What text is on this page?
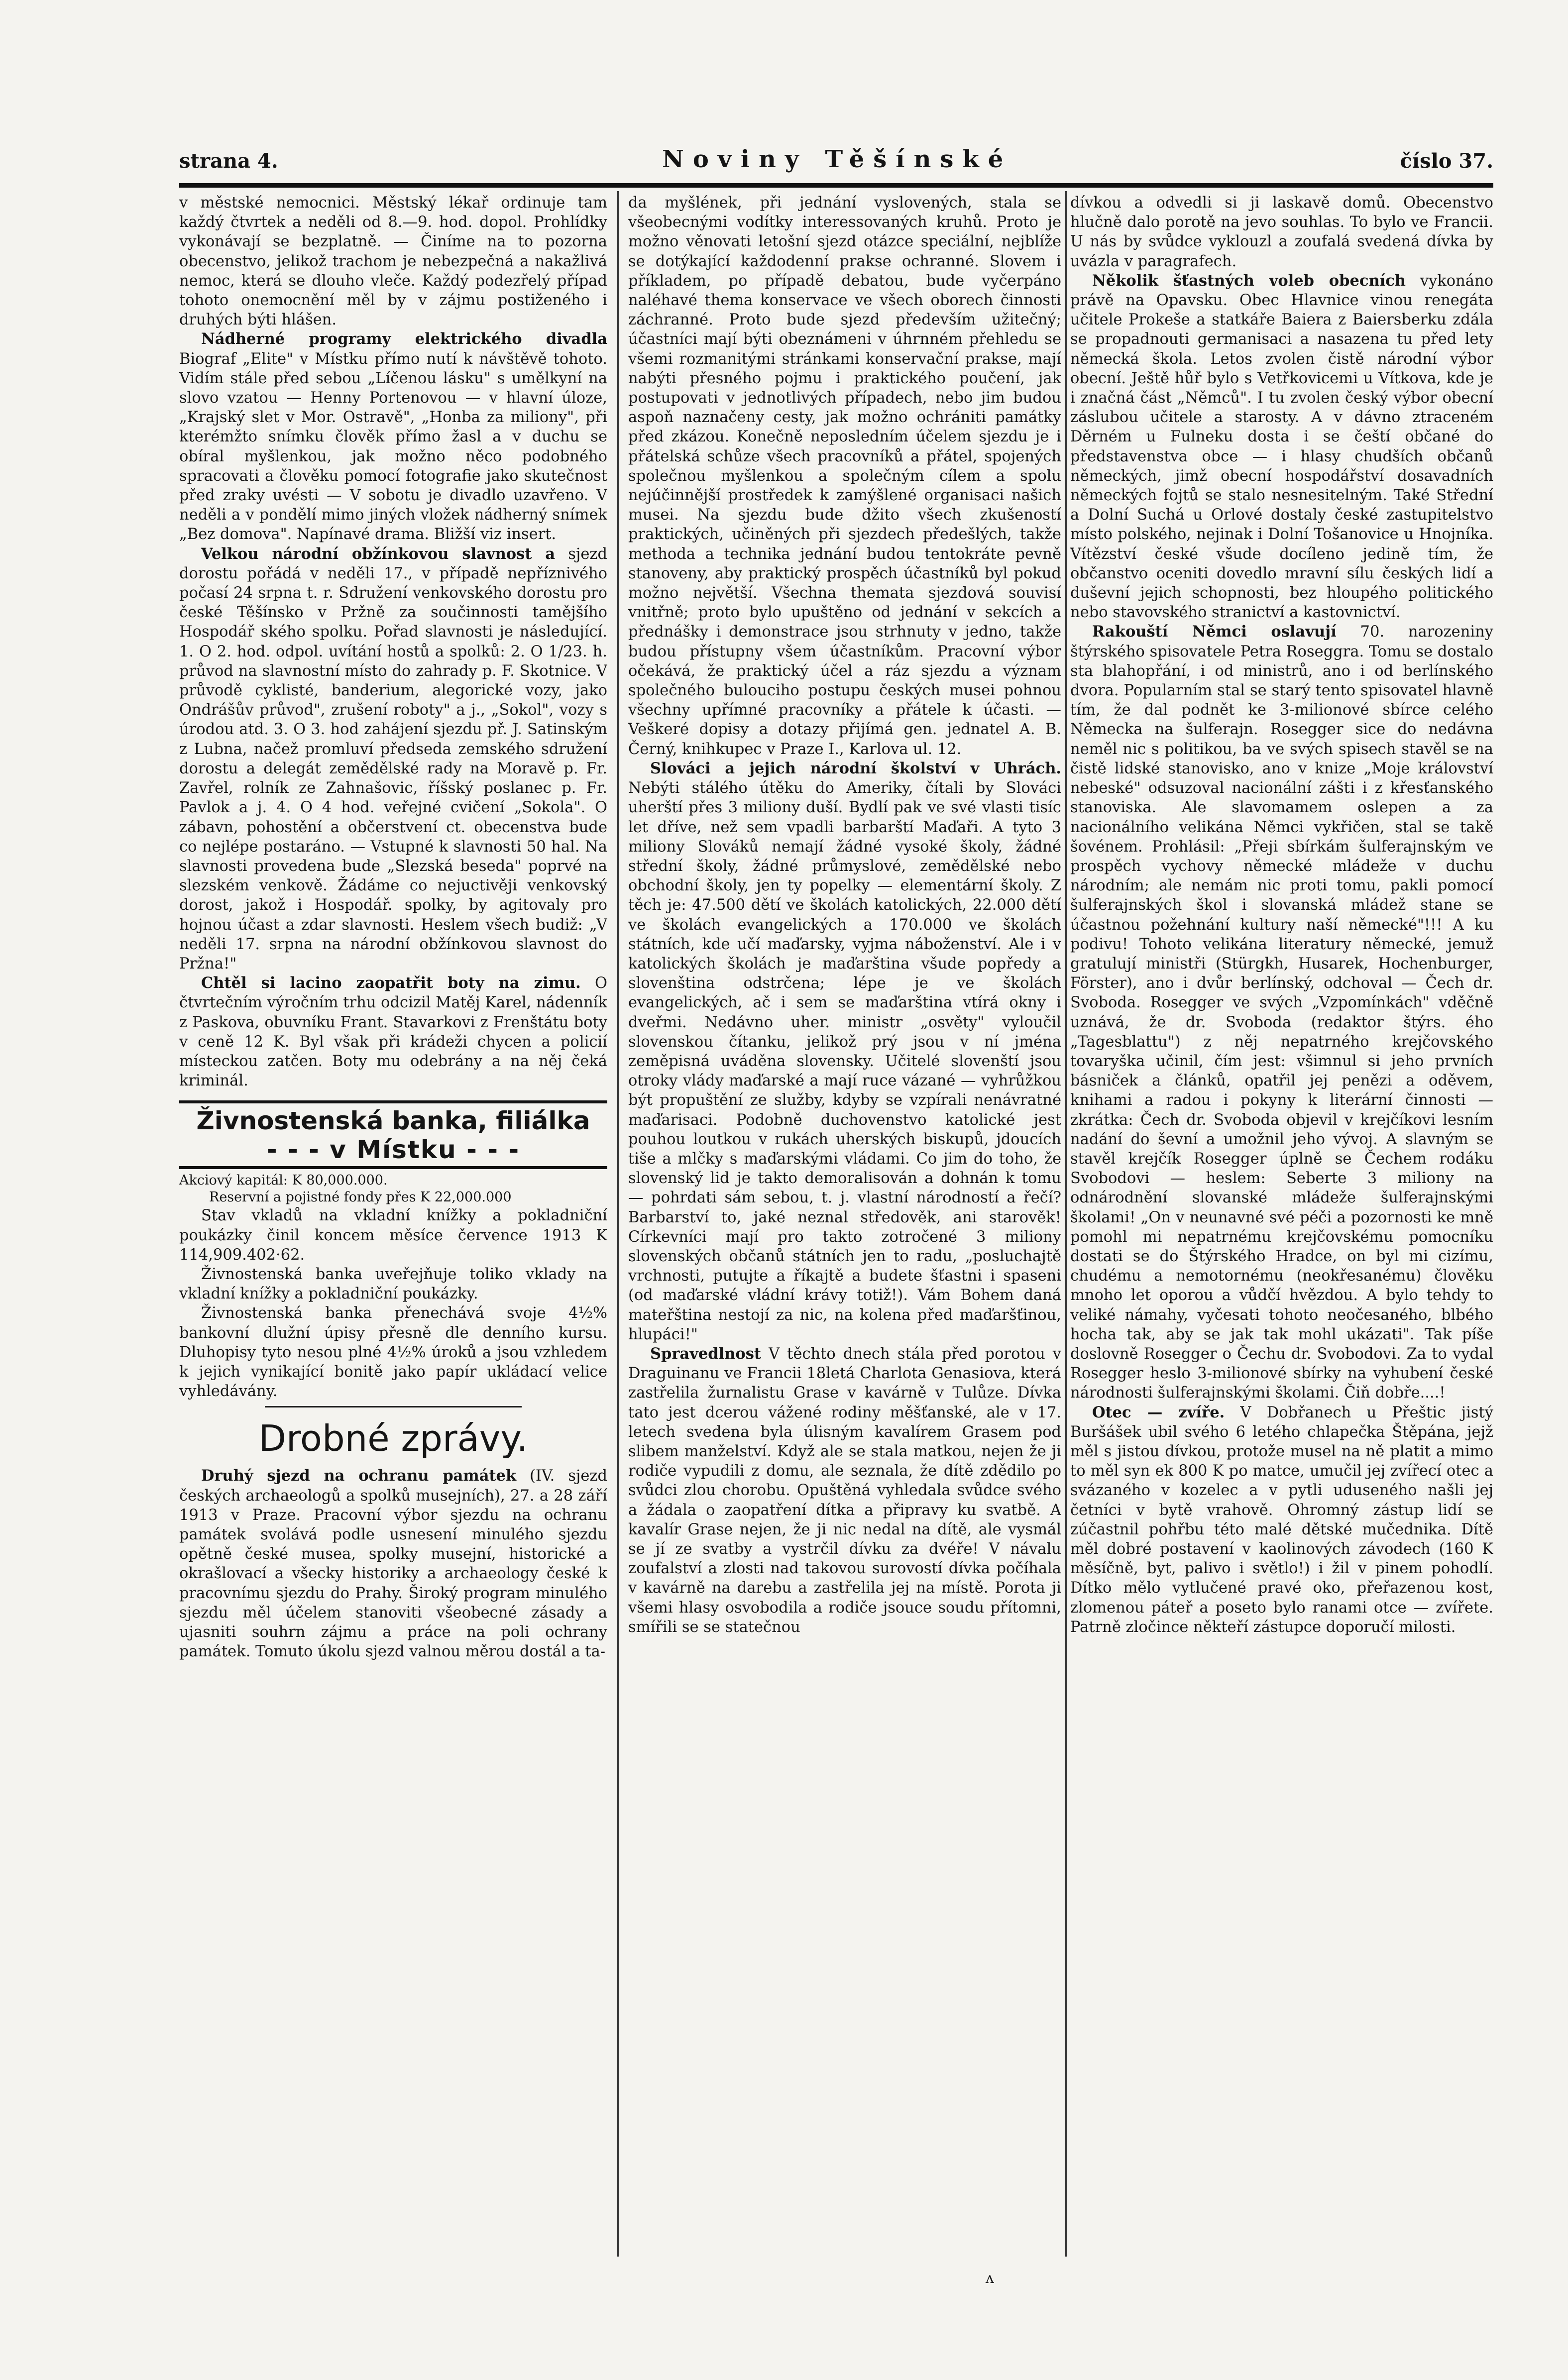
strana 4.	Noviny Těšínské	číslo 37.

v městské nemocnici. Městský lékař ordinuje tam každý čtvrtek a neděli od 8.—9. hod. dopol. Prohlídky vykonávají se bezplatně. — Činíme na to pozorna obecenstvo, jelikož trachom je nebezpečná a nakažlivá nemoc, která se dlouho vleče. Každý podezřelý případ tohoto onemocnění měl by v zájmu postiženého i druhých býti hlášen.

Nádherné programy elektrického divadla Biograf „Elite" v Místku přímo nutí k návštěvě tohoto. Vidím stále před sebou „Líčenou lásku" s umělkyní na slovo vzatou — Henny Portenovou — v hlavní úloze, „Krajský slet v Mor. Ostravě", „Honba za miliony", při kterémžto snímku člověk přímo žasl a v duchu se obíral myšlenkou, jak možno něco podobného spracovati a člověku pomocí fotografie jako skutečnost před zraky uvésti — V sobotu je divadlo uzavřeno. V neděli a v pondělí mimo jiných vložek nádherný snímek „Bez domova". Napínavé drama. Bližší viz insert.

Velkou národní obžínkovou slavnost a sjezd dorostu pořádá v neděli 17., v případě nepříznivého počasí 24 srpna t. r. Sdružení venkovského dorostu pro české Těšínsko v Pržně za součinnosti tamějšího Hospodář ského spolku. Pořad slavnosti je následující. 1. O 2. hod. odpol. uvítání hostů a spolků: 2. O 1/23. h. průvod na slavnostní místo do zahrady p. F. Skotnice. V průvodě cyklisté, banderium, alegorické vozy, jako Ondrášův průvod", zrušení roboty" a j., „Sokol", vozy s úrodou atd. 3. O 3. hod zahájení sjezdu př. J. Satinským z Lubna, načež promluví předseda zemského sdružení dorostu a delegát zemědělské rady na Moravě p. Fr. Zavřel, rolník ze Zahnašovic, říšský poslanec p. Fr. Pavlok a j. 4. O 4 hod. veřejné cvičení „Sokola". O zábavn, pohostění a občerstvení ct. obecenstva bude co nejlépe postaráno. — Vstupné k slavnosti 50 hal. Na slavnosti provedena bude „Slezská beseda" poprvé na slezském venkově. Žádáme co nejuctivěji venkovský dorost, jakož i Hospodář. spolky, by agitovaly pro hojnou účast a zdar slavnosti. Heslem všech budiž: „V neděli 17. srpna na národní obžínkovou slavnost do Pržna!"

Chtěl si lacino zaopatřit boty na zimu. O čtvrtečním výročním trhu odcizil Matěj Karel, nádenník z Paskova, obuvníku Frant. Stavarkovi z Frenštátu boty v ceně 12 K. Byl však při krádeži chycen a policií místeckou zatčen. Boty mu odebrány a na něj čeká kriminál.

Živnostenská banka, filiálka
- - - v Místku - - -

Akciový kapitál: K 80,000.000.

Reservní a pojistné fondy přes K 22,000.000

Stav vkladů na vkladní knížky a pokladniční poukázky činil koncem měsíce července 1913 K 114,909.402·62.

Živnostenská banka uveřejňuje toliko vklady na vkladní knížky a pokladniční poukázky.

Živnostenská banka přenechává svoje 4½% bankovní dlužní úpisy přesně dle denního kursu. Dluhopisy tyto nesou plné 4½% úroků a jsou vzhledem k jejich vynikající bonitě jako papír ukládací velice vyhledávány.

Drobné zprávy.

Druhý sjezd na ochranu památek (IV. sjezd českých archaeologů a spolků musejních), 27. a 28 září 1913 v Praze. Pracovní výbor sjezdu na ochranu památek svolává podle usnesení minulého sjezdu opětně české musea, spolky musejní, historické a okrašlovací a všecky historiky a archaeology české k pracovnímu sjezdu do Prahy. Široký program minulého sjezdu měl účelem stanoviti všeobecné zásady a ujasniti souhrn zájmu a práce na poli ochrany památek. Tomuto úkolu sjezd valnou měrou dostál a ta-

da myšlének, při jednání vyslovených, stala se všeobecnými vodítky interessovaných kruhů. Proto je možno věnovati letošní sjezd otázce speciální, nejblíže se dotýkající každodenní prakse ochranné. Slovem i příkladem, po případě debatou, bude vyčerpáno naléhavé themа konservace ve všech oborech činnosti záchranné. Proto bude sjezd především užitečný; účastníci mají býti obeznámeni v úhrnném přehledu se všemi rozmanitými stránkami konservační prakse, mají nabýti přesného pojmu i praktického poučení, jak postupovati v jednotlivých případech, nebo jim budou aspoň naznačeny cesty, jak možno ochrániti památky před zkázou. Konečně neposledním účelem sjezdu je i přátelská schůze všech pracovníků a přátel, spojených společnou myšlenkou a společným cílem a spolu nejúčinnější prostředek k zamýšlené organisaci našich musei. Na sjezdu bude džito všech zkušeností praktických, učiněných při sjezdech předešlých, takže methoda a technika jednání budou tentokráte pevně stanoveny, aby praktický prospěch účastníků byl pokud možno největší. Všechna themata sjezdová souvisí vnitřně; proto bylo upuštěno od jednání v sekcích a přednášky i demonstrace jsou strhnuty v jedno, takže budou přístupny všem účastníkům. Pracovní výbor očekává, že praktický účel a ráz sjezdu a význam společného bulouciho postupu českých musei pohnou všechny upřímné pracovníky a přátele k účasti. — Veškeré dopisy a dotazy přijímá gen. jednatel A. B. Černý, knihkupec v Praze I., Karlova ul. 12.

Slováci a jejich národní školství v Uhrách. Nebýti stálého útěku do Ameriky, čítali by Slováci uherští přes 3 miliony duší. Bydlí pak ve své vlasti tisíc let dříve, než sem vpadli barbarští Maďaři. A tyto 3 miliony Slováků nemají žádné vysoké školy, žádné střední školy, žádné průmyslové, zemědělské nebo obchodní školy, jen ty popelky — elementární školy. Z těch je: 47.500 dětí ve školách katolických, 22.000 dětí ve školách evangelických a 170.000 ve školách státních, kde učí maďarsky, vyjma náboženství. Ale i v katolických školách je maďarština všude popředy a slovenština odstrčena; lépe je ve školách evangelických, ač i sem se maďarština vtírá okny i dveřmi. Nedávno uher. ministr „osvěty" vyloučil slovenskou čítanku, jelikož prý jsou v ní jména zeměpisná uváděna slovensky. Učitelé slovenští jsou otroky vlády maďarské a mají ruce vázané — vyhrůžkou být propuštění ze služby, kdyby se vzpírali nenávratné maďarisaci. Podobně duchovenstvo katolické jest pouhou loutkou v rukách uherských biskupů, jdoucích tiše a mlčky s maďarskými vládami. Co jim do toho, že slovenský lid je takto demoralisován a dohnán k tomu — pohrdati sám sebou, t. j. vlastní národností a řečí? Barbarství to, jaké neznal středověk, ani starověk! Církevníci mají pro takto zotročené 3 miliony slovenských občanů státních jen to radu, „posluchajtě vrchnosti, putujte a říkajtě a budete šťastni i spaseni (od maďarské vládní krávy totiž!). Vám Bohem daná mateřština nestojí za nic, na kolena před maďaršťinou, hlupáci!"

Spravedlnost V těchto dnech stála před porotou v Draguinanu ve Francii 18letá Charlota Genasiova, která zastřelila žurnalistu Grase v kavárně v Tulůze. Dívka tato jest dcerou vážené rodiny měšťanské, ale v 17. letech svedena byla úlisným kavalírem Grasem pod slibem manželství. Když ale se stala matkou, nejen že ji rodiče vypudili z domu, ale seznala, že dítě zdědilo po svůdci zlou chorobu. Opuštěná vyhledala svůdce svého a žádala o zaopatření dítka a připravy ku svatbě. A kavalír Grase nejen, že ji nic nedal na dítě, ale vysmál se jí ze svatby a vystrčil dívku za dvéře! V návalu zoufalství a zlosti nad takovou surovostí dívka počíhala v kavárně na darebu a zastřelila jej na místě. Porota ji všemi hlasy osvobodila a rodiče jsouce soudu přítomni, smířili se se statečnou

dívkou a odvedli si ji laskavě domů. Obecenstvo hlučně dalo porotě na jevo souhlas. To bylo ve Francii. U nás by svůdce vyklouzl a zoufalá svedená dívka by uvázla v paragrafech.

Několik šťastných voleb obecních vykonáno právě na Opavsku. Obec Hlavnice vinou renegáta učitele Prokeše a statkáře Baiera z Baiersberku zdála se propadnouti germanisaci a nasazena tu před lety německá škola. Letos zvolen čistě národní výbor obecní. Ještě hůř bylo s Vetřkovicemi u Vítkova, kde je i značná část „Němců". I tu zvolen český výbor obecní záslubou učitele a starosty. A v dávno ztraceném Děrném u Fulneku dosta i se čeští občané do představenstva obce — i hlasy chudších občanů německých, jimž obecní hospodářství dosavadních německých fojtů se stalo nesnesitelným. Také Střední a Dolní Suchá u Orlové dostaly české zastupitelstvo místo polského, nejinak i Dolní Tošanovice u Hnojníka. Vítězství české všude docíleno jedině tím, že občanstvo oceniti dovedlo mravní sílu českých lidí a duševní jejich schopnosti, bez hloupého politického nebo stavovského stranictví a kastovnictví.

Rakouští Němci oslavují 70. narozeniny štýrského spisovatele Petra Roseggra. Tomu se dostalo sta blahopřání, i od ministrů, ano i od berlínského dvora. Popularním stal se starý tento spisovatel hlavně tím, že dal podnět ke 3-milionové sbírce celého Německa na šulferajn. Rosegger sice do nedávna neměl nic s politikou, ba ve svých spisech stavěl se na čistě lidské stanovisko, ano v knize „Moje království nebeské" odsuzoval nacionální zášti i z křesťanského stanoviska. Ale slavomamem oslepen a za nacionálního velikána Němci vykřičen, stal se takě šovénem. Prohlásil: „Přeji sbírkám šulferajnským ve prospěch vychovy německé mládeže v duchu národním; ale nemám nic proti tomu, pakli pomocí šulferajnských škol i slovanská mládež stane se účastnou požehnání kultury naší německé"!!! A ku podivu! Tohoto velikána literatury německé, jemuž gratulují ministři (Stürgkh, Husarek, Hochenburger, Förster), ano i dvůr berlínský, odchoval — Čech dr. Svoboda. Rosegger ve svých „Vzpomínkách" vděčně uznává, že dr. Svoboda (redaktor štýrs. ého „Tagesblattu") z něj nepatrného krejčovského tovaryška učinil, čím jest: všimnul si jeho prvních básniček a článků, opatřil jej penězi a oděvem, knihami a radou i pokyny k literární činnosti — zkrátka: Čech dr. Svoboda objevil v krejčíkovi lesním nadání do ševní a umožnil jeho vývoj. A slavným se stavěl krejčík Rosegger úplně se Čechem rodáku Svobodovi — heslem: Seberte 3 miliony na odnárodnění slovanské mládeže šulferajnskými školami! „On v neunavné své péči a pozornosti ke mně pomohl mi nepatrnému krejčovskému pomocníku dostati se do Štýrského Hradce, on byl mi cizímu, chudému a nemotornému (neokřesanému) člověku mnoho let oporou a vůdčí hvězdou. A bylo tehdy to veliké námahy, vyčesati tohoto neočesaného, blbého hocha tak, aby se jak tak mohl ukázati". Tak píše doslovně Rosegger o Čechu dr. Svobodovi. Za to vydal Rosegger heslo 3-milionové sbírky na vyhubení české národnosti šulferajnskými školami. Čiň dobře....!

Otec — zvíře. V Dobřanech u Přeštic jistý Buršášek ubil svého 6 letého chlapečka Štěpána, jejž měl s jistou dívkou, protože musel na ně platit a mimo to měl syn ek 800 K po matce, umučil jej zvířecí otec a svázaného v kozelec a v pytli uduseného našli jej četníci v bytě vrahově. Ohromný zástup lidí se zúčastnil pohřbu této malé dětské mučednika. Dítě měl dobré postavení v kaolinových závodech (160 K měsíčně, byt, palivo i světlo!) i žil v pinem pohodlí. Dítko mělo vytlučené pravé oko, přeřazenou kost, zlomenou páteř a poseto bylo ranami otce — zvířete. Patrně zločince někteří zástupce doporučí milosti.

ʌ
